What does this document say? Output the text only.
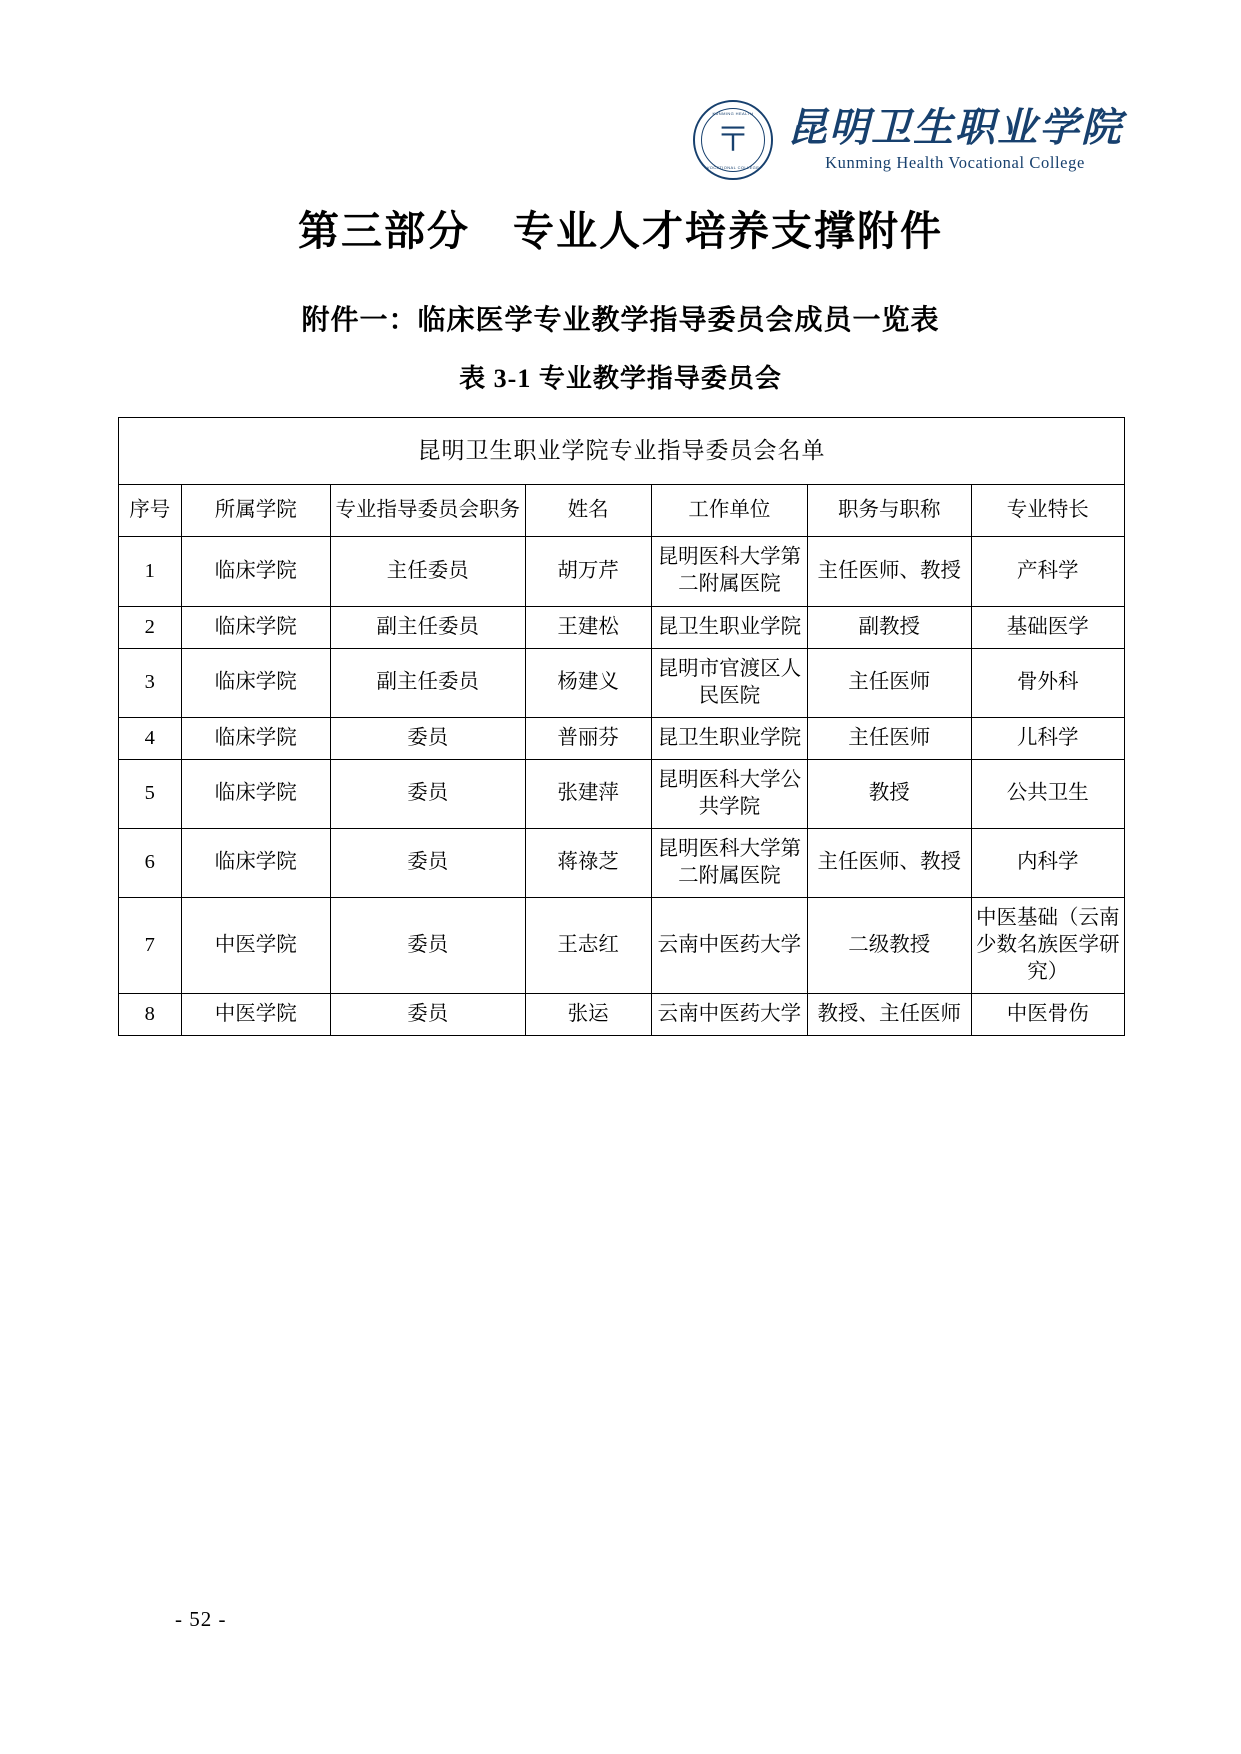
KUNMING HEALTH
〒
VOCATIONAL COLLEGE
昆明卫生职业学院
Kunming Health Vocational College
第三部分　专业人才培养支撑附件
附件一：临床医学专业教学指导委员会成员一览表
表 3-1 专业教学指导委员会
昆明卫生职业学院专业指导委员会名单						
序号	所属学院	专业指导委员会职务	姓名	工作单位	职务与职称	专业特长
1	临床学院	主任委员	胡万芹	昆明医科大学第二附属医院	主任医师、教授	产科学
2	临床学院	副主任委员	王建松	昆卫生职业学院	副教授	基础医学
3	临床学院	副主任委员	杨建义	昆明市官渡区人民医院	主任医师	骨外科
4	临床学院	委员	普丽芬	昆卫生职业学院	主任医师	儿科学
5	临床学院	委员	张建萍	昆明医科大学公共学院	教授	公共卫生
6	临床学院	委员	蒋祿芝	昆明医科大学第二附属医院	主任医师、教授	内科学
7	中医学院	委员	王志红	云南中医药大学	二级教授	中医基础（云南少数名族医学研究）
8	中医学院	委员	张运	云南中医药大学	教授、主任医师	中医骨伤
- 52 -
